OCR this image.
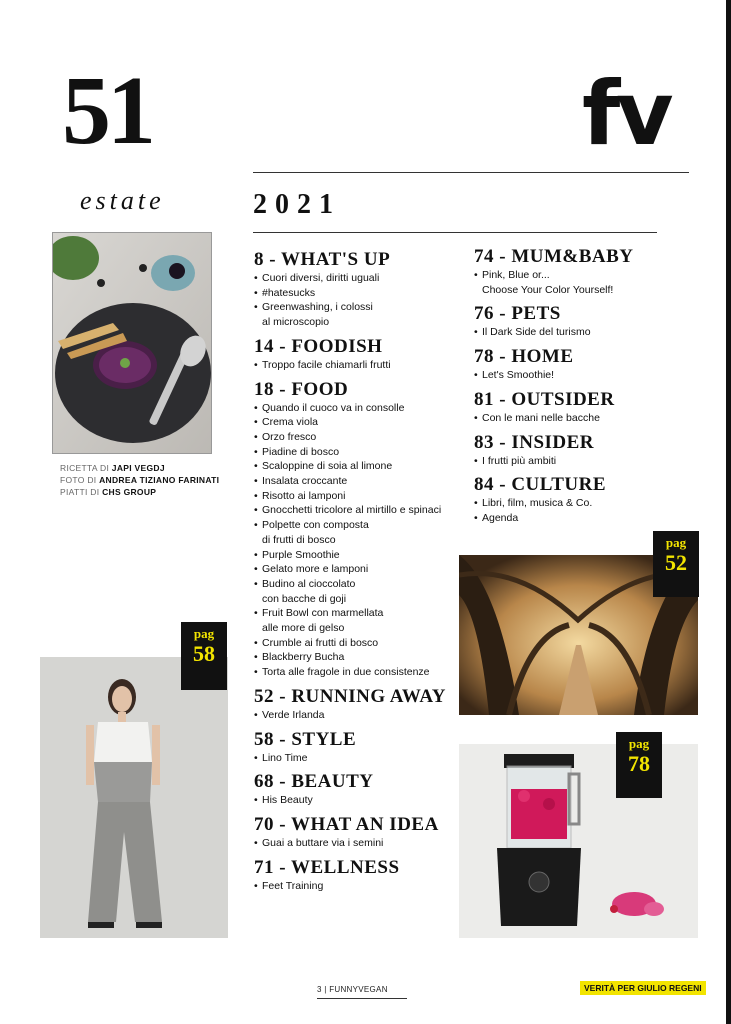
51
estate
fv
2021
RICETTA DI JAPI VEGDJ
FOTO DI ANDREA TIZIANO FARINATI
PIATTI DI CHS GROUP
pag
58
pag
52
pag
78
8 - WHAT'S UP
• Cuori diversi, diritti uguali
• #hatesucks
• Greenwashing, i colossi
al microscopio
14 - FOODISH
• Troppo facile chiamarli frutti
18 - FOOD
• Quando il cuoco va in consolle
• Crema viola
• Orzo fresco
• Piadine di bosco
• Scaloppine di soia al limone
• Insalata croccante
• Risotto ai lamponi
• Gnocchetti tricolore al mirtillo e spinaci
• Polpette con composta
di frutti di bosco
• Purple Smoothie
• Gelato more e lamponi
• Budino al cioccolato
con bacche di goji
• Fruit Bowl con marmellata
alle more di gelso
• Crumble ai frutti di bosco
• Blackberry Bucha
• Torta alle fragole in due consistenze
52 - RUNNING AWAY
• Verde Irlanda
58 - STYLE
• Lino Time
68 - BEAUTY
• His Beauty
70 - WHAT AN IDEA
• Guai a buttare via i semini
71 - WELLNESS
• Feet Training
74 - MUM&BABY
• Pink, Blue or...
Choose Your Color Yourself!
76 - PETS
• Il Dark Side del turismo
78 - HOME
• Let's Smoothie!
81 - OUTSIDER
• Con le mani nelle bacche
83 - INSIDER
• I frutti più ambiti
84 - CULTURE
• Libri, film, musica & Co.
• Agenda
3 | FUNNYVEGAN	VERITÀ PER GIULIO REGENI
